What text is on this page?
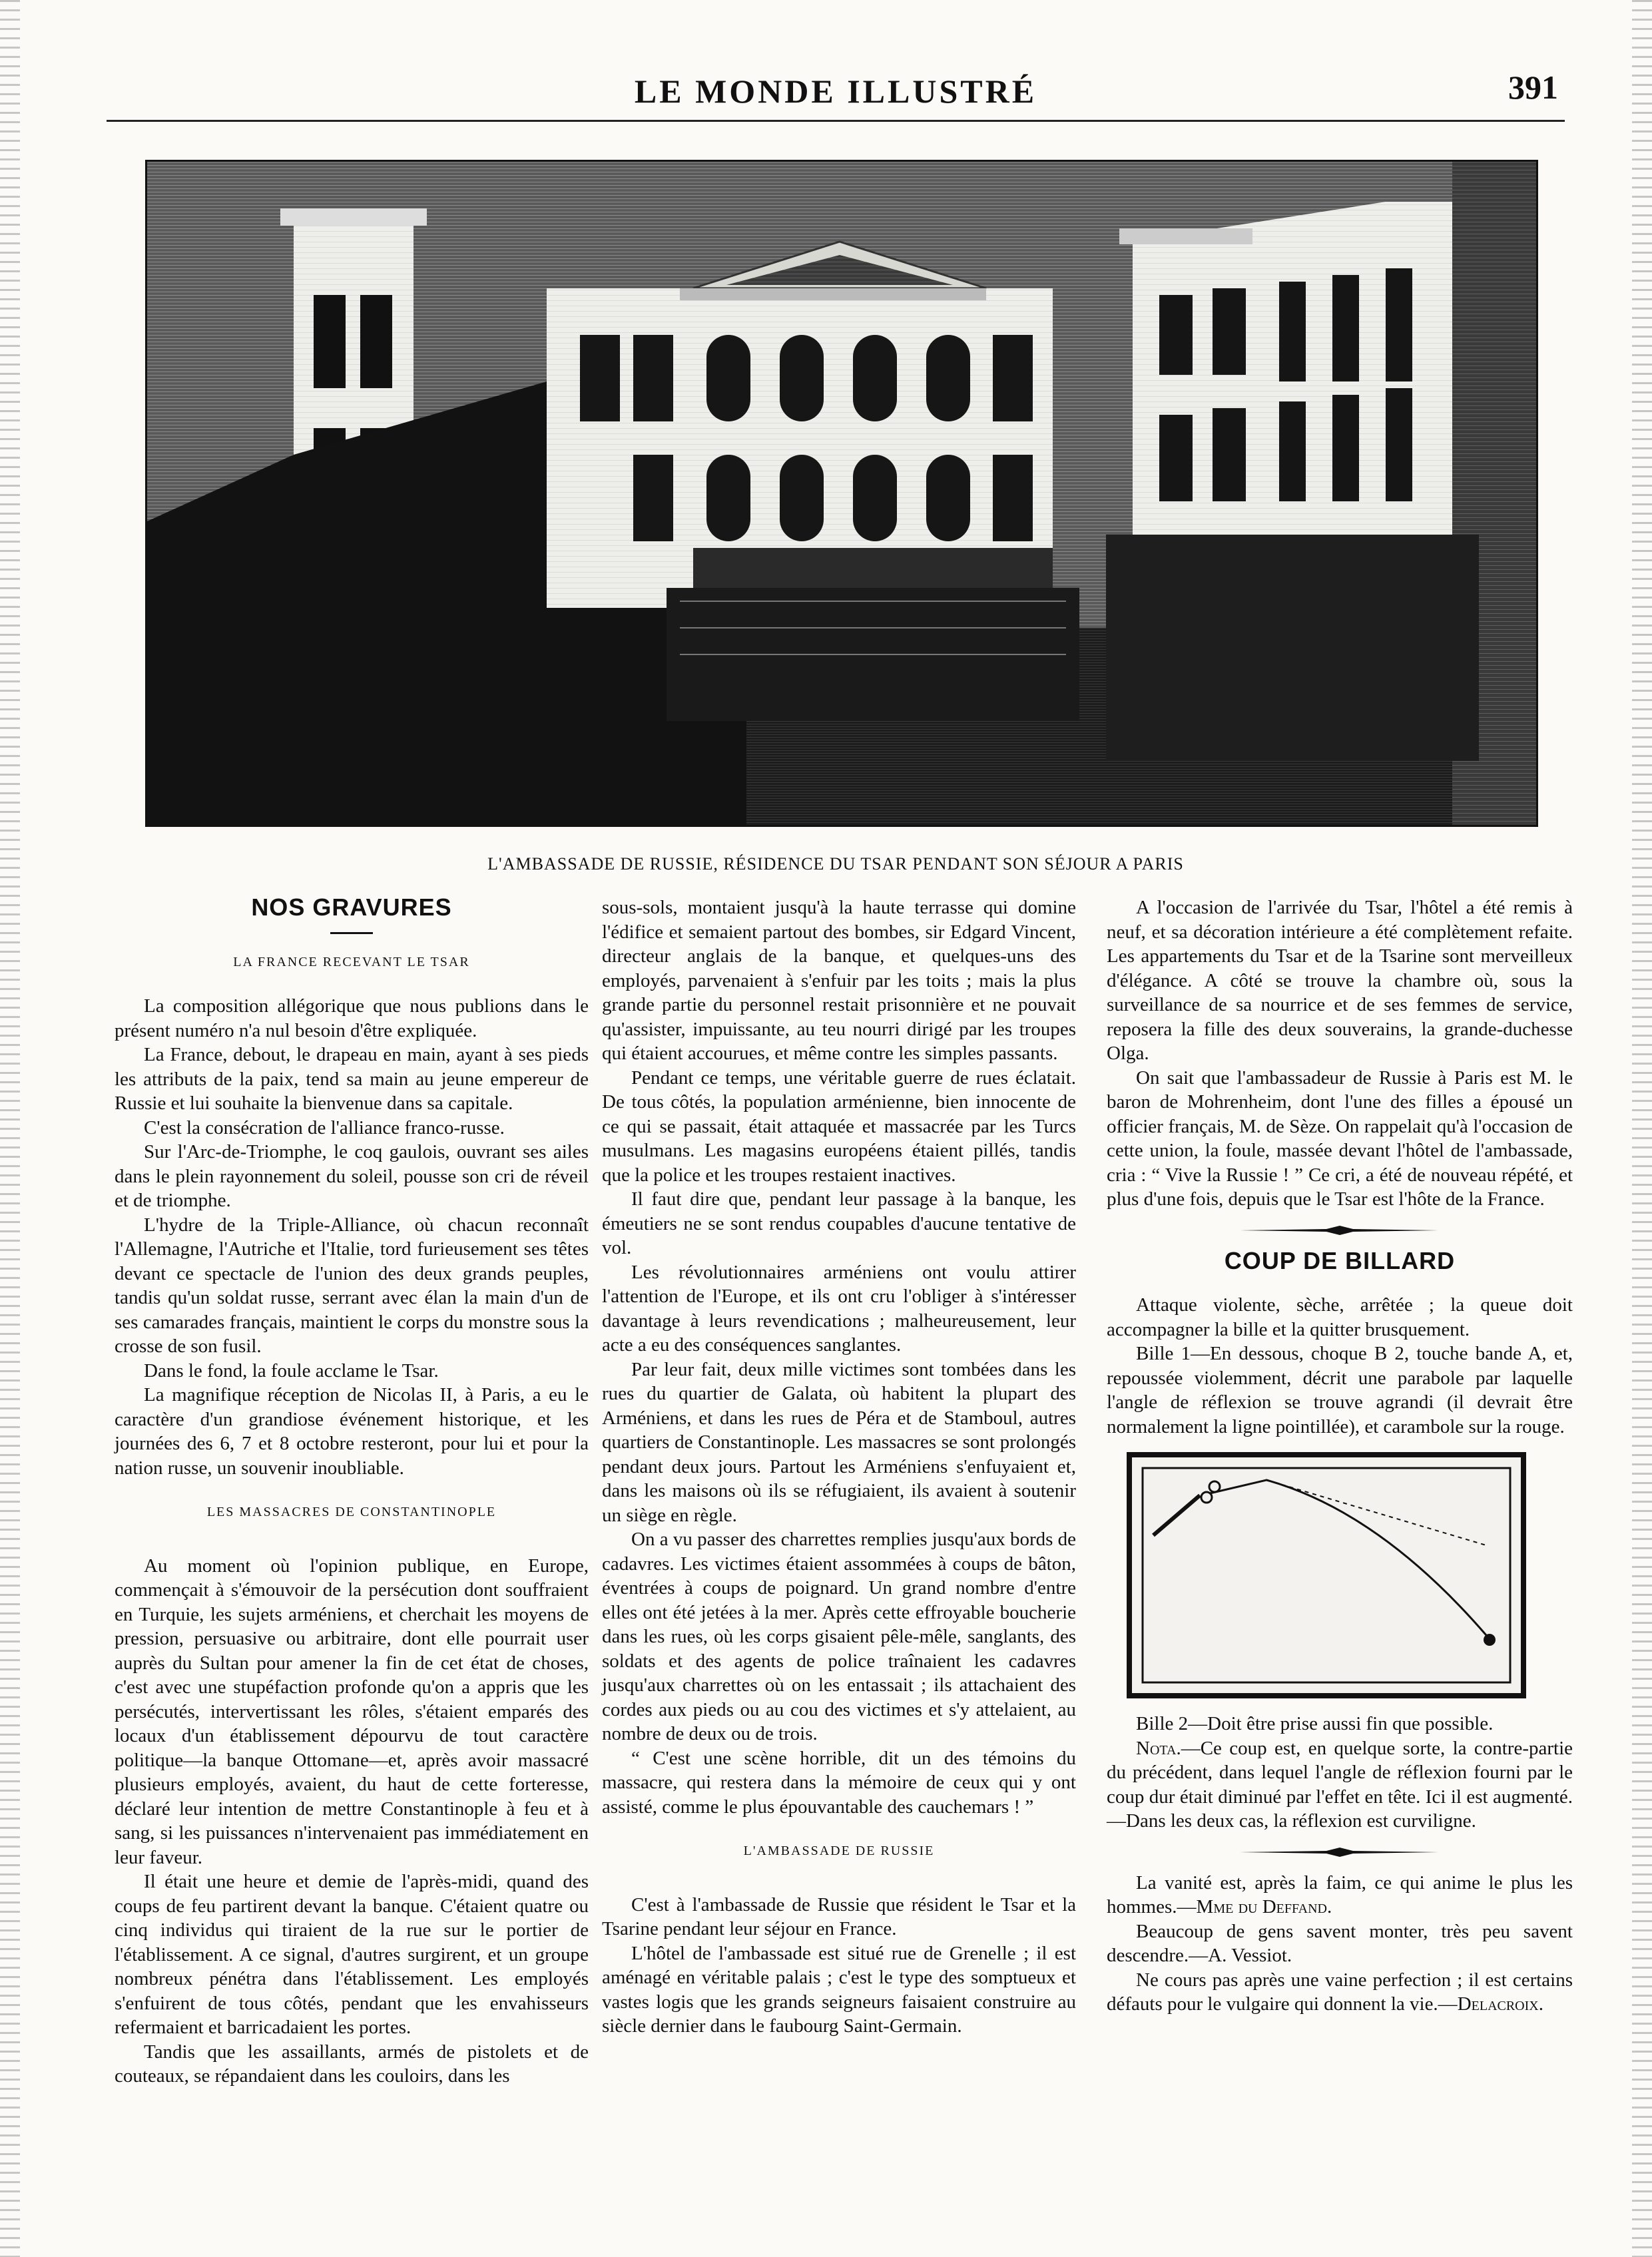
LE MONDE ILLUSTRÉ	391
L'AMBASSADE DE RUSSIE, RÉSIDENCE DU TSAR PENDANT SON SÉJOUR A PARIS
NOS GRAVURES
LA FRANCE RECEVANT LE TSAR

La composition allégorique que nous publions dans le présent numéro n'a nul besoin d'être expliquée.

La France, debout, le drapeau en main, ayant à ses pieds les attributs de la paix, tend sa main au jeune empereur de Russie et lui souhaite la bienvenue dans sa capitale.

C'est la consécration de l'alliance franco-russe.

Sur l'Arc-de-Triomphe, le coq gaulois, ouvrant ses ailes dans le plein rayonnement du soleil, pousse son cri de réveil et de triomphe.

L'hydre de la Triple-Alliance, où chacun reconnaît l'Allemagne, l'Autriche et l'Italie, tord furieusement ses têtes devant ce spectacle de l'union des deux grands peuples, tandis qu'un soldat russe, serrant avec élan la main d'un de ses camarades français, maintient le corps du monstre sous la crosse de son fusil.

Dans le fond, la foule acclame le Tsar.

La magnifique réception de Nicolas II, à Paris, a eu le caractère d'un grandiose événement historique, et les journées des 6, 7 et 8 octobre resteront, pour lui et pour la nation russe, un souvenir inoubliable.

LES MASSACRES DE CONSTANTINOPLE

Au moment où l'opinion publique, en Europe, commençait à s'émouvoir de la persécution dont souffraient en Turquie, les sujets arméniens, et cherchait les moyens de pression, persuasive ou arbitraire, dont elle pourrait user auprès du Sultan pour amener la fin de cet état de choses, c'est avec une stupéfaction profonde qu'on a appris que les persécutés, intervertissant les rôles, s'étaient emparés des locaux d'un établissement dépourvu de tout caractère politique—la banque Ottomane—et, après avoir massacré plusieurs employés, avaient, du haut de cette forteresse, déclaré leur intention de mettre Constantinople à feu et à sang, si les puissances n'intervenaient pas immédiatement en leur faveur.

Il était une heure et demie de l'après-midi, quand des coups de feu partirent devant la banque. C'étaient quatre ou cinq individus qui tiraient de la rue sur le portier de l'établissement. A ce signal, d'autres surgirent, et un groupe nombreux pénétra dans l'établissement. Les employés s'enfuirent de tous côtés, pendant que les envahisseurs refermaient et barricadaient les portes.

Tandis que les assaillants, armés de pistolets et de couteaux, se répandaient dans les couloirs, dans les

sous-sols, montaient jusqu'à la haute terrasse qui domine l'édifice et semaient partout des bombes, sir Edgard Vincent, directeur anglais de la banque, et quelques-uns des employés, parvenaient à s'enfuir par les toits ; mais la plus grande partie du personnel restait prisonnière et ne pouvait qu'assister, impuissante, au teu nourri dirigé par les troupes qui étaient accourues, et même contre les simples passants.

Pendant ce temps, une véritable guerre de rues éclatait. De tous côtés, la population arménienne, bien innocente de ce qui se passait, était attaquée et massacrée par les Turcs musulmans. Les magasins européens étaient pillés, tandis que la police et les troupes restaient inactives.

Il faut dire que, pendant leur passage à la banque, les émeutiers ne se sont rendus coupables d'aucune tentative de vol.

Les révolutionnaires arméniens ont voulu attirer l'attention de l'Europe, et ils ont cru l'obliger à s'intéresser davantage à leurs revendications ; malheureusement, leur acte a eu des conséquences sanglantes.

Par leur fait, deux mille victimes sont tombées dans les rues du quartier de Galata, où habitent la plupart des Arméniens, et dans les rues de Péra et de Stamboul, autres quartiers de Constantinople. Les massacres se sont prolongés pendant deux jours. Partout les Arméniens s'enfuyaient et, dans les maisons où ils se réfugiaient, ils avaient à soutenir un siège en règle.

On a vu passer des charrettes remplies jusqu'aux bords de cadavres. Les victimes étaient assommées à coups de bâton, éventrées à coups de poignard. Un grand nombre d'entre elles ont été jetées à la mer. Après cette effroyable boucherie dans les rues, où les corps gisaient pêle-mêle, sanglants, des soldats et des agents de police traînaient les cadavres jusqu'aux charrettes où on les entassait ; ils attachaient des cordes aux pieds ou au cou des victimes et s'y attelaient, au nombre de deux ou de trois.

“ C'est une scène horrible, dit un des témoins du massacre, qui restera dans la mémoire de ceux qui y ont assisté, comme le plus épouvantable des cauchemars ! ”

L'AMBASSADE DE RUSSIE

C'est à l'ambassade de Russie que résident le Tsar et la Tsarine pendant leur séjour en France.

L'hôtel de l'ambassade est situé rue de Grenelle ; il est aménagé en véritable palais ; c'est le type des somptueux et vastes logis que les grands seigneurs faisaient construire au siècle dernier dans le faubourg Saint-Germain.

A l'occasion de l'arrivée du Tsar, l'hôtel a été remis à neuf, et sa décoration intérieure a été complètement refaite. Les appartements du Tsar et de la Tsarine sont merveilleux d'élégance. A côté se trouve la chambre où, sous la surveillance de sa nourrice et de ses femmes de service, reposera la fille des deux souverains, la grande-duchesse Olga.

On sait que l'ambassadeur de Russie à Paris est M. le baron de Mohrenheim, dont l'une des filles a épousé un officier français, M. de Sèze. On rappelait qu'à l'occasion de cette union, la foule, massée devant l'hôtel de l'ambassade, cria : “ Vive la Russie ! ” Ce cri, a été de nouveau répété, et plus d'une fois, depuis que le Tsar est l'hôte de la France.

COUP DE BILLARD

Attaque violente, sèche, arrêtée ; la queue doit accompagner la bille et la quitter brusquement.

Bille 1—En dessous, choque B 2, touche bande A, et, repoussée violemment, décrit une parabole par laquelle l'angle de réflexion se trouve agrandi (il devrait être normalement la ligne pointillée), et carambole sur la rouge.

Bille 2—Doit être prise aussi fin que possible.

Nota.—Ce coup est, en quelque sorte, la contre-partie du précédent, dans lequel l'angle de réflexion fourni par le coup dur était diminué par l'effet en tête. Ici il est augmenté.—Dans les deux cas, la réflexion est curviligne.

La vanité est, après la faim, ce qui anime le plus les hommes.—Mme du Deffand.

Beaucoup de gens savent monter, très peu savent descendre.—A. Vessiot.

Ne cours pas après une vaine perfection ; il est certains défauts pour le vulgaire qui donnent la vie.—Delacroix.
